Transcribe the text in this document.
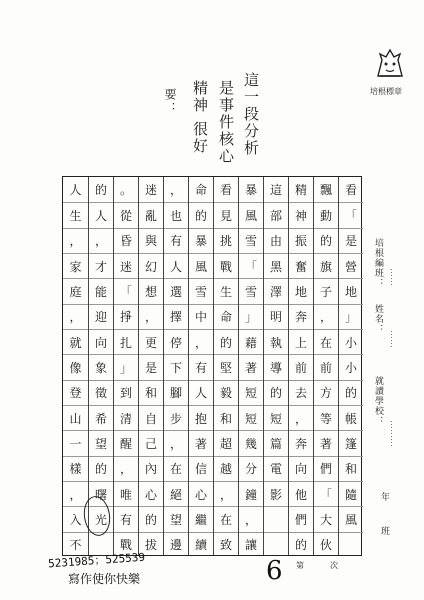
培根標章
這一段分析
是事件核心
精神 很好
要：
看
「
是
營
地
」
小
小
的
帳
篷
和
隨
風
飄
動
的
旗
子
，
在
前
方
等
著
們
「
大
伙
精
神
振
奮
地
奔
上
前
去
，
奔
向
他
們
的
這
部
由
黑
澤
明
執
導
的
短
篇
電
影
暴
風
雪
「
雪
」
藉
著
短
短
幾
分
鐘
，
讓
看
見
挑
戰
生
命
的
堅
毅
和
超
越
，
在
致
命
的
暴
風
雪
中
，
有
人
抱
著
信
心
繼
續
，
也
有
人
選
擇
停
下
腳
步
，
在
絕
望
邊
迷
亂
與
幻
想
，
更
是
和
自
己
內
心
的
拔
。
從
昏
迷
「
掙
扎
」
到
清
醒
，
唯
有
戰
的
人
，
才
能
迎
向
象
徵
希
望
的
曙
光
人
生
，
家
庭
，
就
像
登
山
一
樣
，
入
不
培根編班： ︙︙
姓名：
︙︙
就讀學校：
︙︙︙
年
班
5231985；525539
寫作使你快樂
第
6	次
